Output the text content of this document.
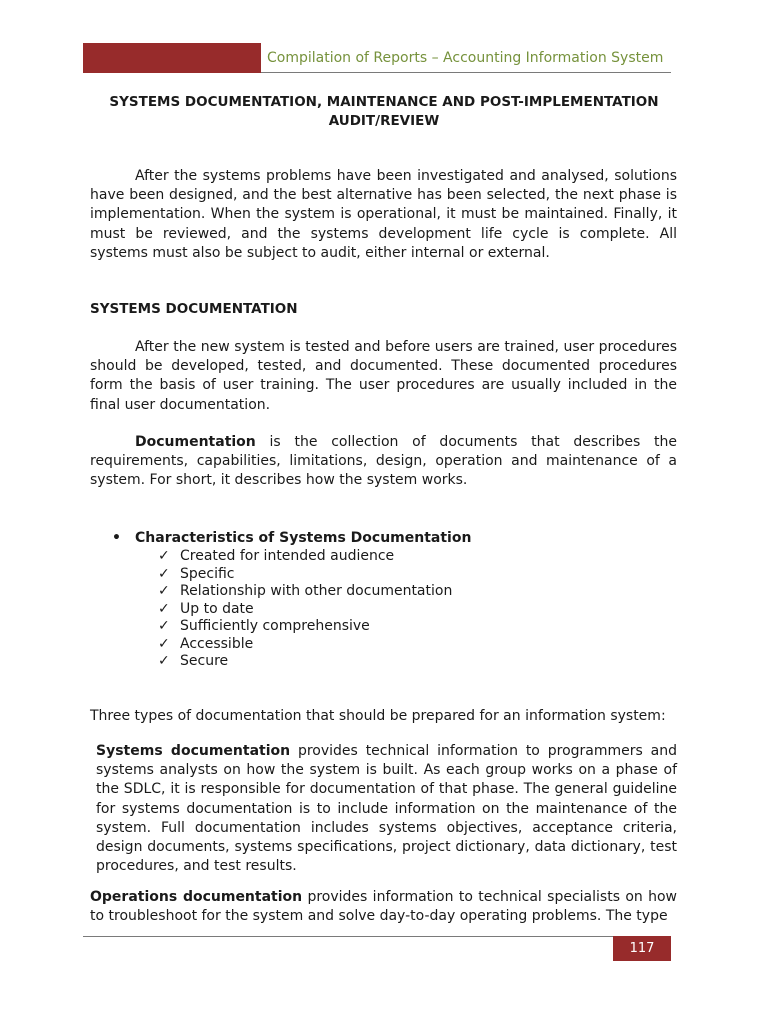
Compilation of Reports – Accounting Information System
SYSTEMS DOCUMENTATION, MAINTENANCE AND POST-IMPLEMENTATION AUDIT/REVIEW

After the systems problems have been investigated and analysed, solutions have been designed, and the best alternative has been selected, the next phase is implementation. When the system is operational, it must be maintained. Finally, it must be reviewed, and the systems development life cycle is complete. All systems must also be subject to audit, either internal or external.

SYSTEMS DOCUMENTATION

After the new system is tested and before users are trained, user procedures should be developed, tested, and documented. These documented procedures form the basis of user training. The user procedures are usually included in the final user documentation.

Documentation is the collection of documents that describes the requirements, capabilities, limitations, design, operation and maintenance of a system. For short, it describes how the system works.

• Characteristics of Systems Documentation
✓ Created for intended audience
✓ Specific
✓ Relationship with other documentation
✓ Up to date
✓ Sufficiently comprehensive
✓ Accessible
✓ Secure

Three types of documentation that should be prepared for an information system:

Systems documentation provides technical information to programmers and systems analysts on how the system is built. As each group works on a phase of the SDLC, it is responsible for documentation of that phase. The general guideline for systems documentation is to include information on the maintenance of the system. Full documentation includes systems objectives, acceptance criteria, design documents, systems specifications, project dictionary, data dictionary, test procedures, and test results.

Operations documentation provides information to technical specialists on how to troubleshoot for the system and solve day-to-day operating problems. The type

117
